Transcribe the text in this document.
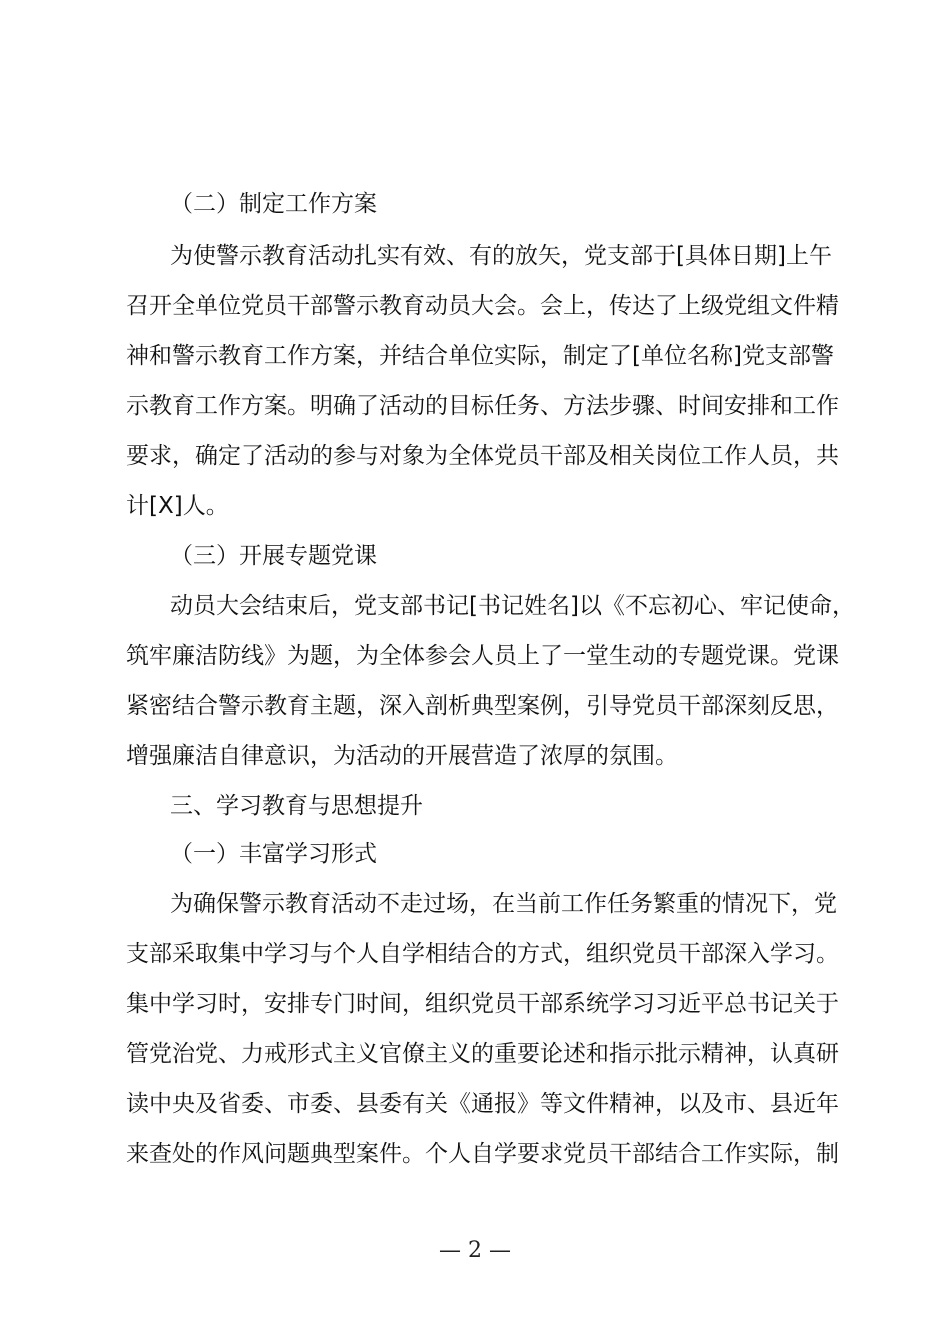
（二）制定工作方案
为使警示教育活动扎实有效、有的放矢，党支部于[具体日期]上午
召开全单位党员干部警示教育动员大会。会上，传达了上级党组文件精
神和警示教育工作方案，并结合单位实际，制定了[单位名称]党支部警
示教育工作方案。明确了活动的目标任务、方法步骤、时间安排和工作
要求，确定了活动的参与对象为全体党员干部及相关岗位工作人员，共
计[X]人。
（三）开展专题党课
动员大会结束后，党支部书记[书记姓名]以《不忘初心、牢记使命，
筑牢廉洁防线》为题，为全体参会人员上了一堂生动的专题党课。党课
紧密结合警示教育主题，深入剖析典型案例，引导党员干部深刻反思，
增强廉洁自律意识，为活动的开展营造了浓厚的氛围。
三、学习教育与思想提升
（一）丰富学习形式
为确保警示教育活动不走过场，在当前工作任务繁重的情况下，党
支部采取集中学习与个人自学相结合的方式，组织党员干部深入学习。
集中学习时，安排专门时间，组织党员干部系统学习习近平总书记关于
管党治党、力戒形式主义官僚主义的重要论述和指示批示精神，认真研
读中央及省委、市委、县委有关《通报》等文件精神，以及市、县近年
来查处的作风问题典型案件。个人自学要求党员干部结合工作实际，制
— 2 —
